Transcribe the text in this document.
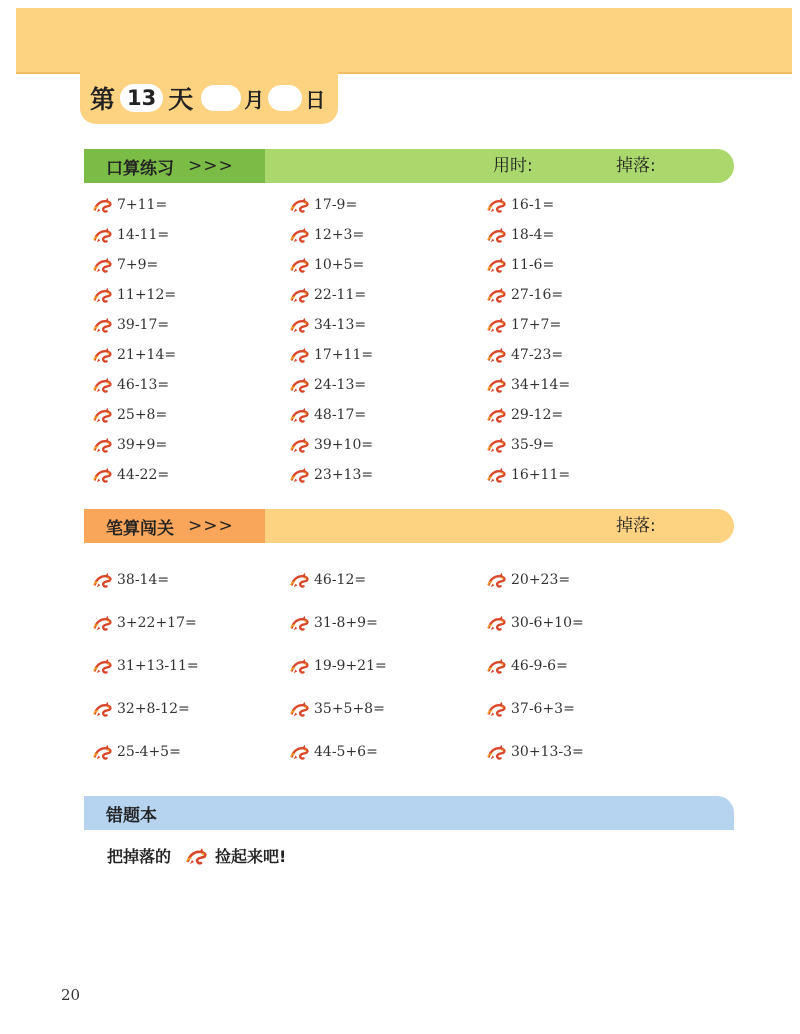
第 13 天	月 日
口算练习 >>>	用时:	掉落:
7+11=	17-9=	16-1=
14-11=	12+3=	18-4=
7+9=	10+5=	11-6=
11+12=	22-11=	27-16=
39-17=	34-13=	17+7=
21+14=	17+11=	47-23=
46-13=	24-13=	34+14=
25+8=	48-17=	29-12=
39+9=	39+10=	35-9=
44-22=	23+13=	16+11=
笔算闯关 >>>	掉落:
38-14=	46-12=	20+23=
3+22+17=	31-8+9=	30-6+10=
31+13-11=	19-9+21=	46-9-6=
32+8-12=	35+5+8=	37-6+3=
25-4+5=	44-5+6=	30+13-3=
错题本
把掉落的	捡起来吧!
20
